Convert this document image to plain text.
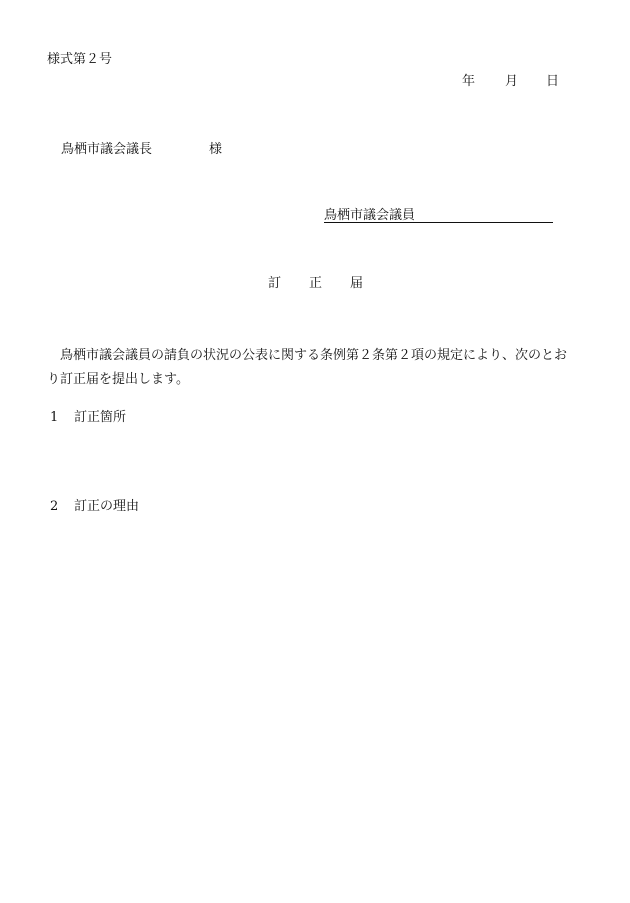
様式第２号
年 月 日
鳥栖市議会議長	様
鳥栖市議会議員
訂 正 届
　鳥栖市議会議員の請負の状況の公表に関する条例第２条第２項の規定により、次のとお
り訂正届を提出します。
1 訂正箇所
2 訂正の理由
